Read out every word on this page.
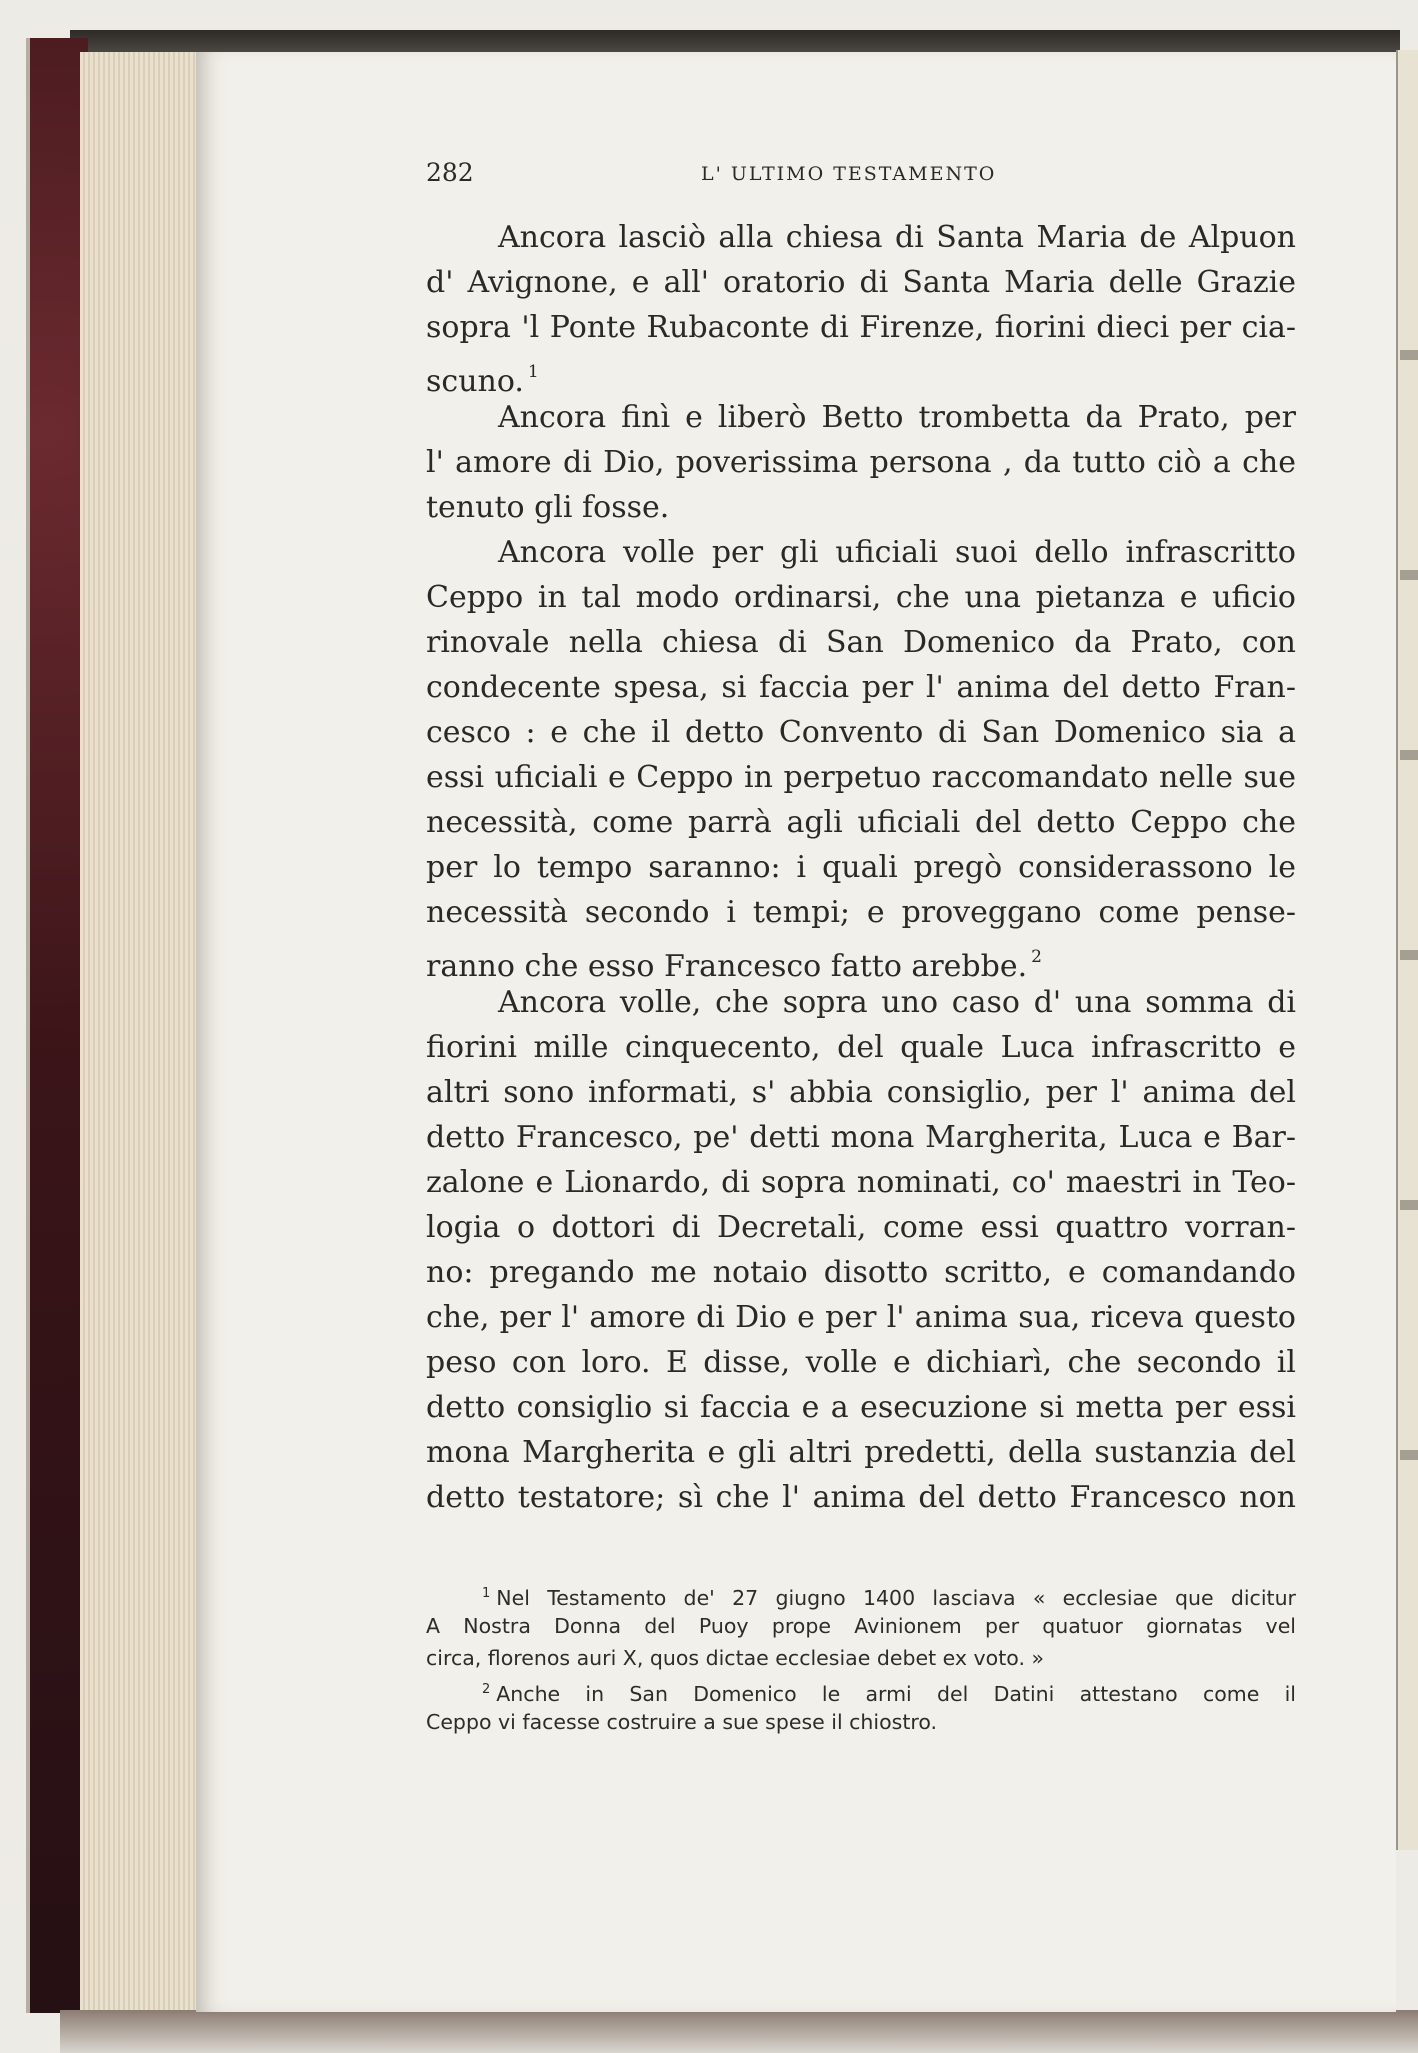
282	L' ULTIMO TESTAMENTO
Ancora lasciò alla chiesa di Santa Maria de Alpuon
d' Avignone, e all' oratorio di Santa Maria delle Grazie
sopra 'l Ponte Rubaconte di Firenze, fiorini dieci per cia-
scuno. $^1$
Ancora finì e liberò Betto trombetta da Prato, per
l' amore di Dio, poverissima persona , da tutto ciò a che
tenuto gli fosse.
Ancora volle per gli uficiali suoi dello infrascritto
Ceppo in tal modo ordinarsi, che una pietanza e uficio
rinovale nella chiesa di San Domenico da Prato, con
condecente spesa, si faccia per l' anima del detto Fran-
cesco : e che il detto Convento di San Domenico sia a
essi uficiali e Ceppo in perpetuo raccomandato nelle sue
necessità, come parrà agli uficiali del detto Ceppo che
per lo tempo saranno: i quali pregò considerassono le
necessità secondo i tempi; e proveggano come pense-
ranno che esso Francesco fatto arebbe. $^2$
Ancora volle, che sopra uno caso d' una somma di
fiorini mille cinquecento, del quale Luca infrascritto e
altri sono informati, s' abbia consiglio, per l' anima del
detto Francesco, pe' detti mona Margherita, Luca e Bar-
zalone e Lionardo, di sopra nominati, co' maestri in Teo-
logia o dottori di Decretali, come essi quattro vorran-
no: pregando me notaio disotto scritto, e comandando
che, per l' amore di Dio e per l' anima sua, riceva questo
peso con loro. E disse, volle e dichiarì, che secondo il
detto consiglio si faccia e a esecuzione si metta per essi
mona Margherita e gli altri predetti, della sustanzia del
detto testatore; sì che l' anima del detto Francesco non
$^1$ Nel Testamento de' 27 giugno 1400 lasciava « ecclesiae que dicitur
A Nostra Donna del Puoy prope Avinionem per quatuor giornatas vel
circa, florenos auri X, quos dictae ecclesiae debet ex voto. »
$^2$ Anche in San Domenico le armi del Datini attestano come il
Ceppo vi facesse costruire a sue spese il chiostro.
